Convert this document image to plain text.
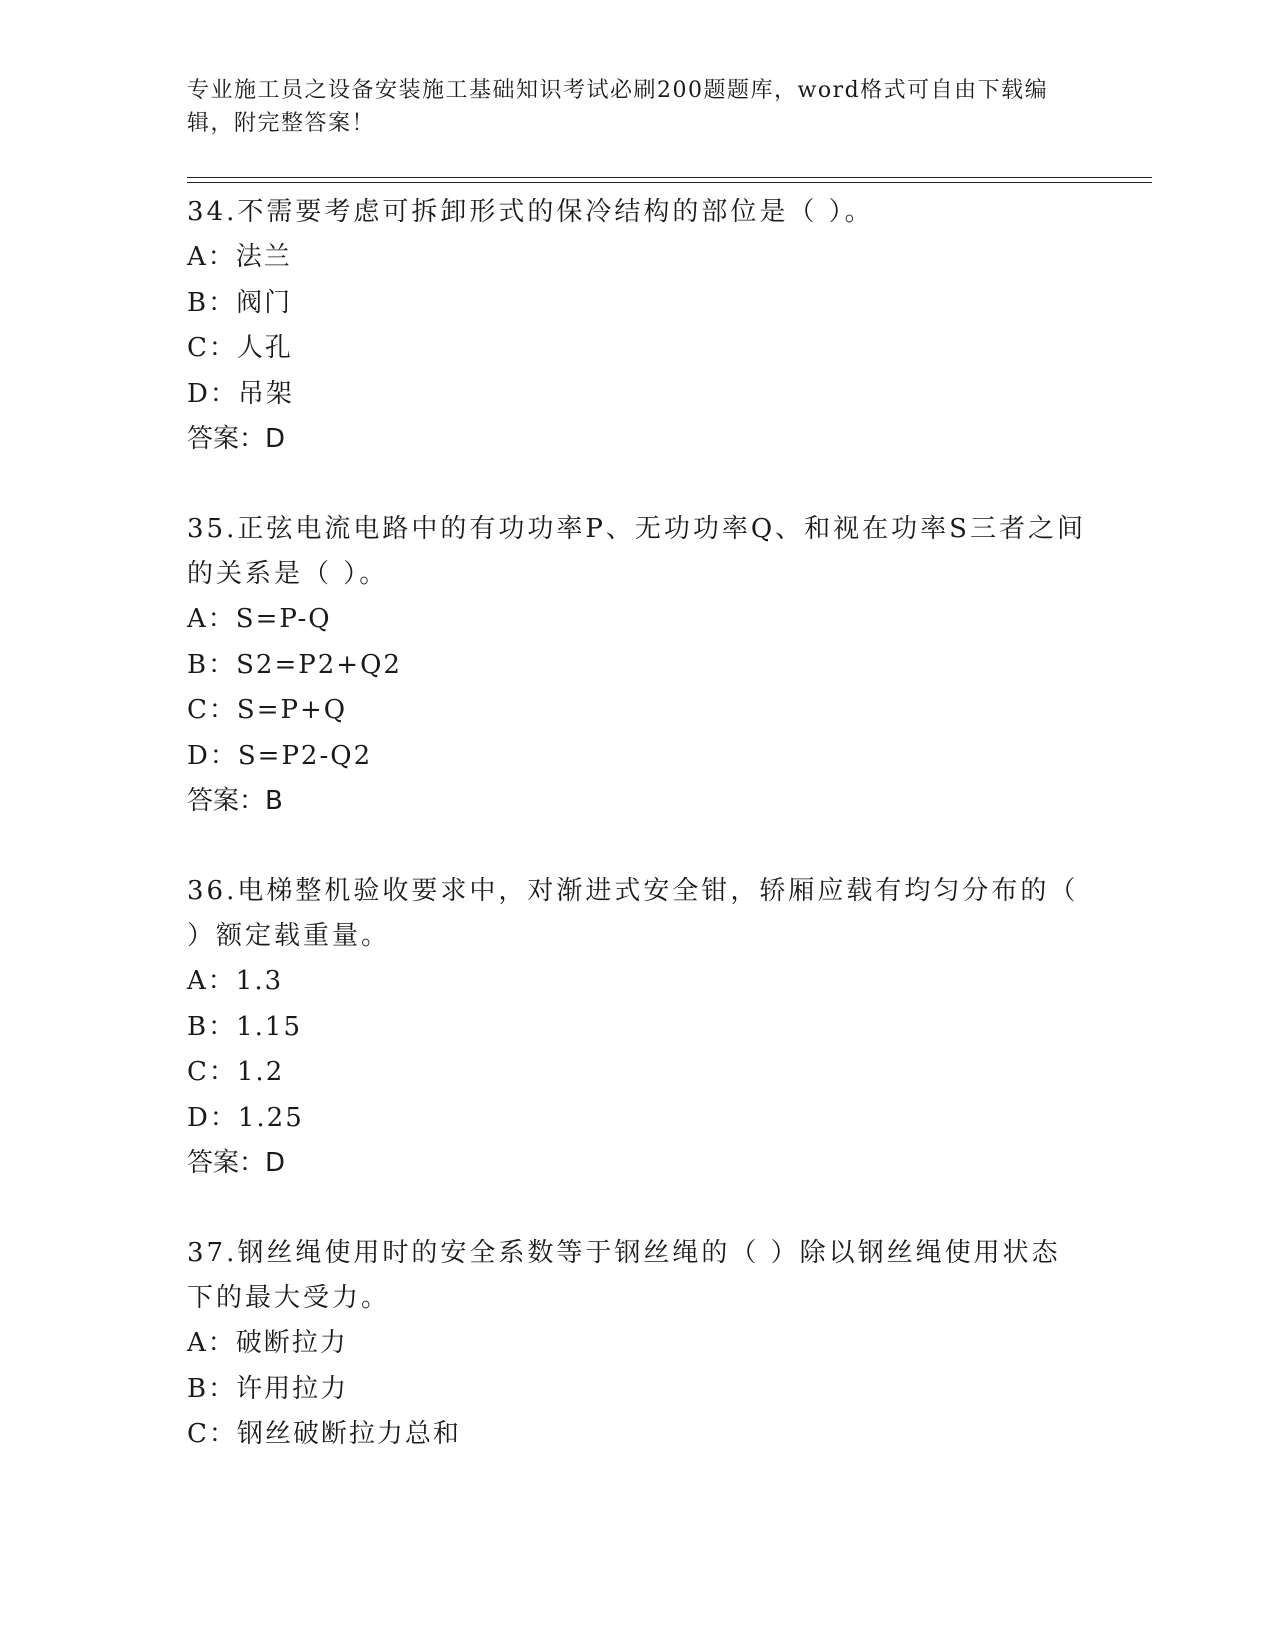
专业施工员之设备安装施工基础知识考试必刷200题题库，word格式可自由下载编辑，附完整答案！

34.不需要考虑可拆卸形式的保冷结构的部位是（ ）。

A：法兰

B：阀门

C：人孔

D：吊架

答案：D

35.正弦电流电路中的有功功率P、无功功率Q、和视在功率S三者之间的关系是（ ）。

A：S=P-Q

B：S2=P2+Q2

C：S=P+Q

D：S=P2-Q2

答案：B

36.电梯整机验收要求中，对渐进式安全钳，轿厢应载有均匀分布的（ ）额定载重量。

A：1.3

B：1.15

C：1.2

D：1.25

答案：D

37.钢丝绳使用时的安全系数等于钢丝绳的（ ）除以钢丝绳使用状态下的最大受力。

A：破断拉力

B：许用拉力

C：钢丝破断拉力总和
